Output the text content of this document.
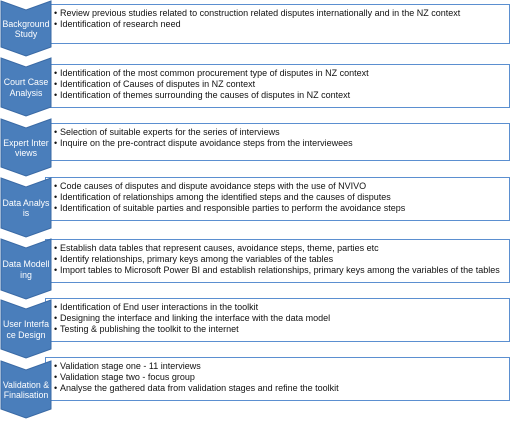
• Review previous studies related to construction related disputes internationally and in the NZ context
• Identification of research need
Background Study
• Identification of the most common procurement type of disputes in NZ context
• Identification of Causes of disputes in NZ context
• Identification of themes surrounding the causes of disputes in NZ context
Court Case Analysis
• Selection of suitable experts for the series of interviews
• Inquire on the pre-contract dispute avoidance steps from the interviewees
Expert Interviews
• Code causes of disputes and dispute avoidance steps with the use of NVIVO
• Identification of relationships among the identified steps and the causes of disputes
• Identification of suitable parties and responsible parties to perform the avoidance steps
Data Analysis
• Establish data tables that represent causes, avoidance steps, theme, parties etc
• Identify relationships, primary keys among the variables of the tables
• Import tables to Microsoft Power BI and establish relationships, primary keys among the variables of the tables
Data Modelling
• Identification of End user interactions in the toolkit
• Designing the interface and linking the interface with the data model
• Testing & publishing the toolkit to the internet
User Interface Design
• Validation stage one - 11 interviews
• Validation stage two - focus group
• Analyse the gathered data from validation stages and refine the toolkit
Validation & Finalisation
